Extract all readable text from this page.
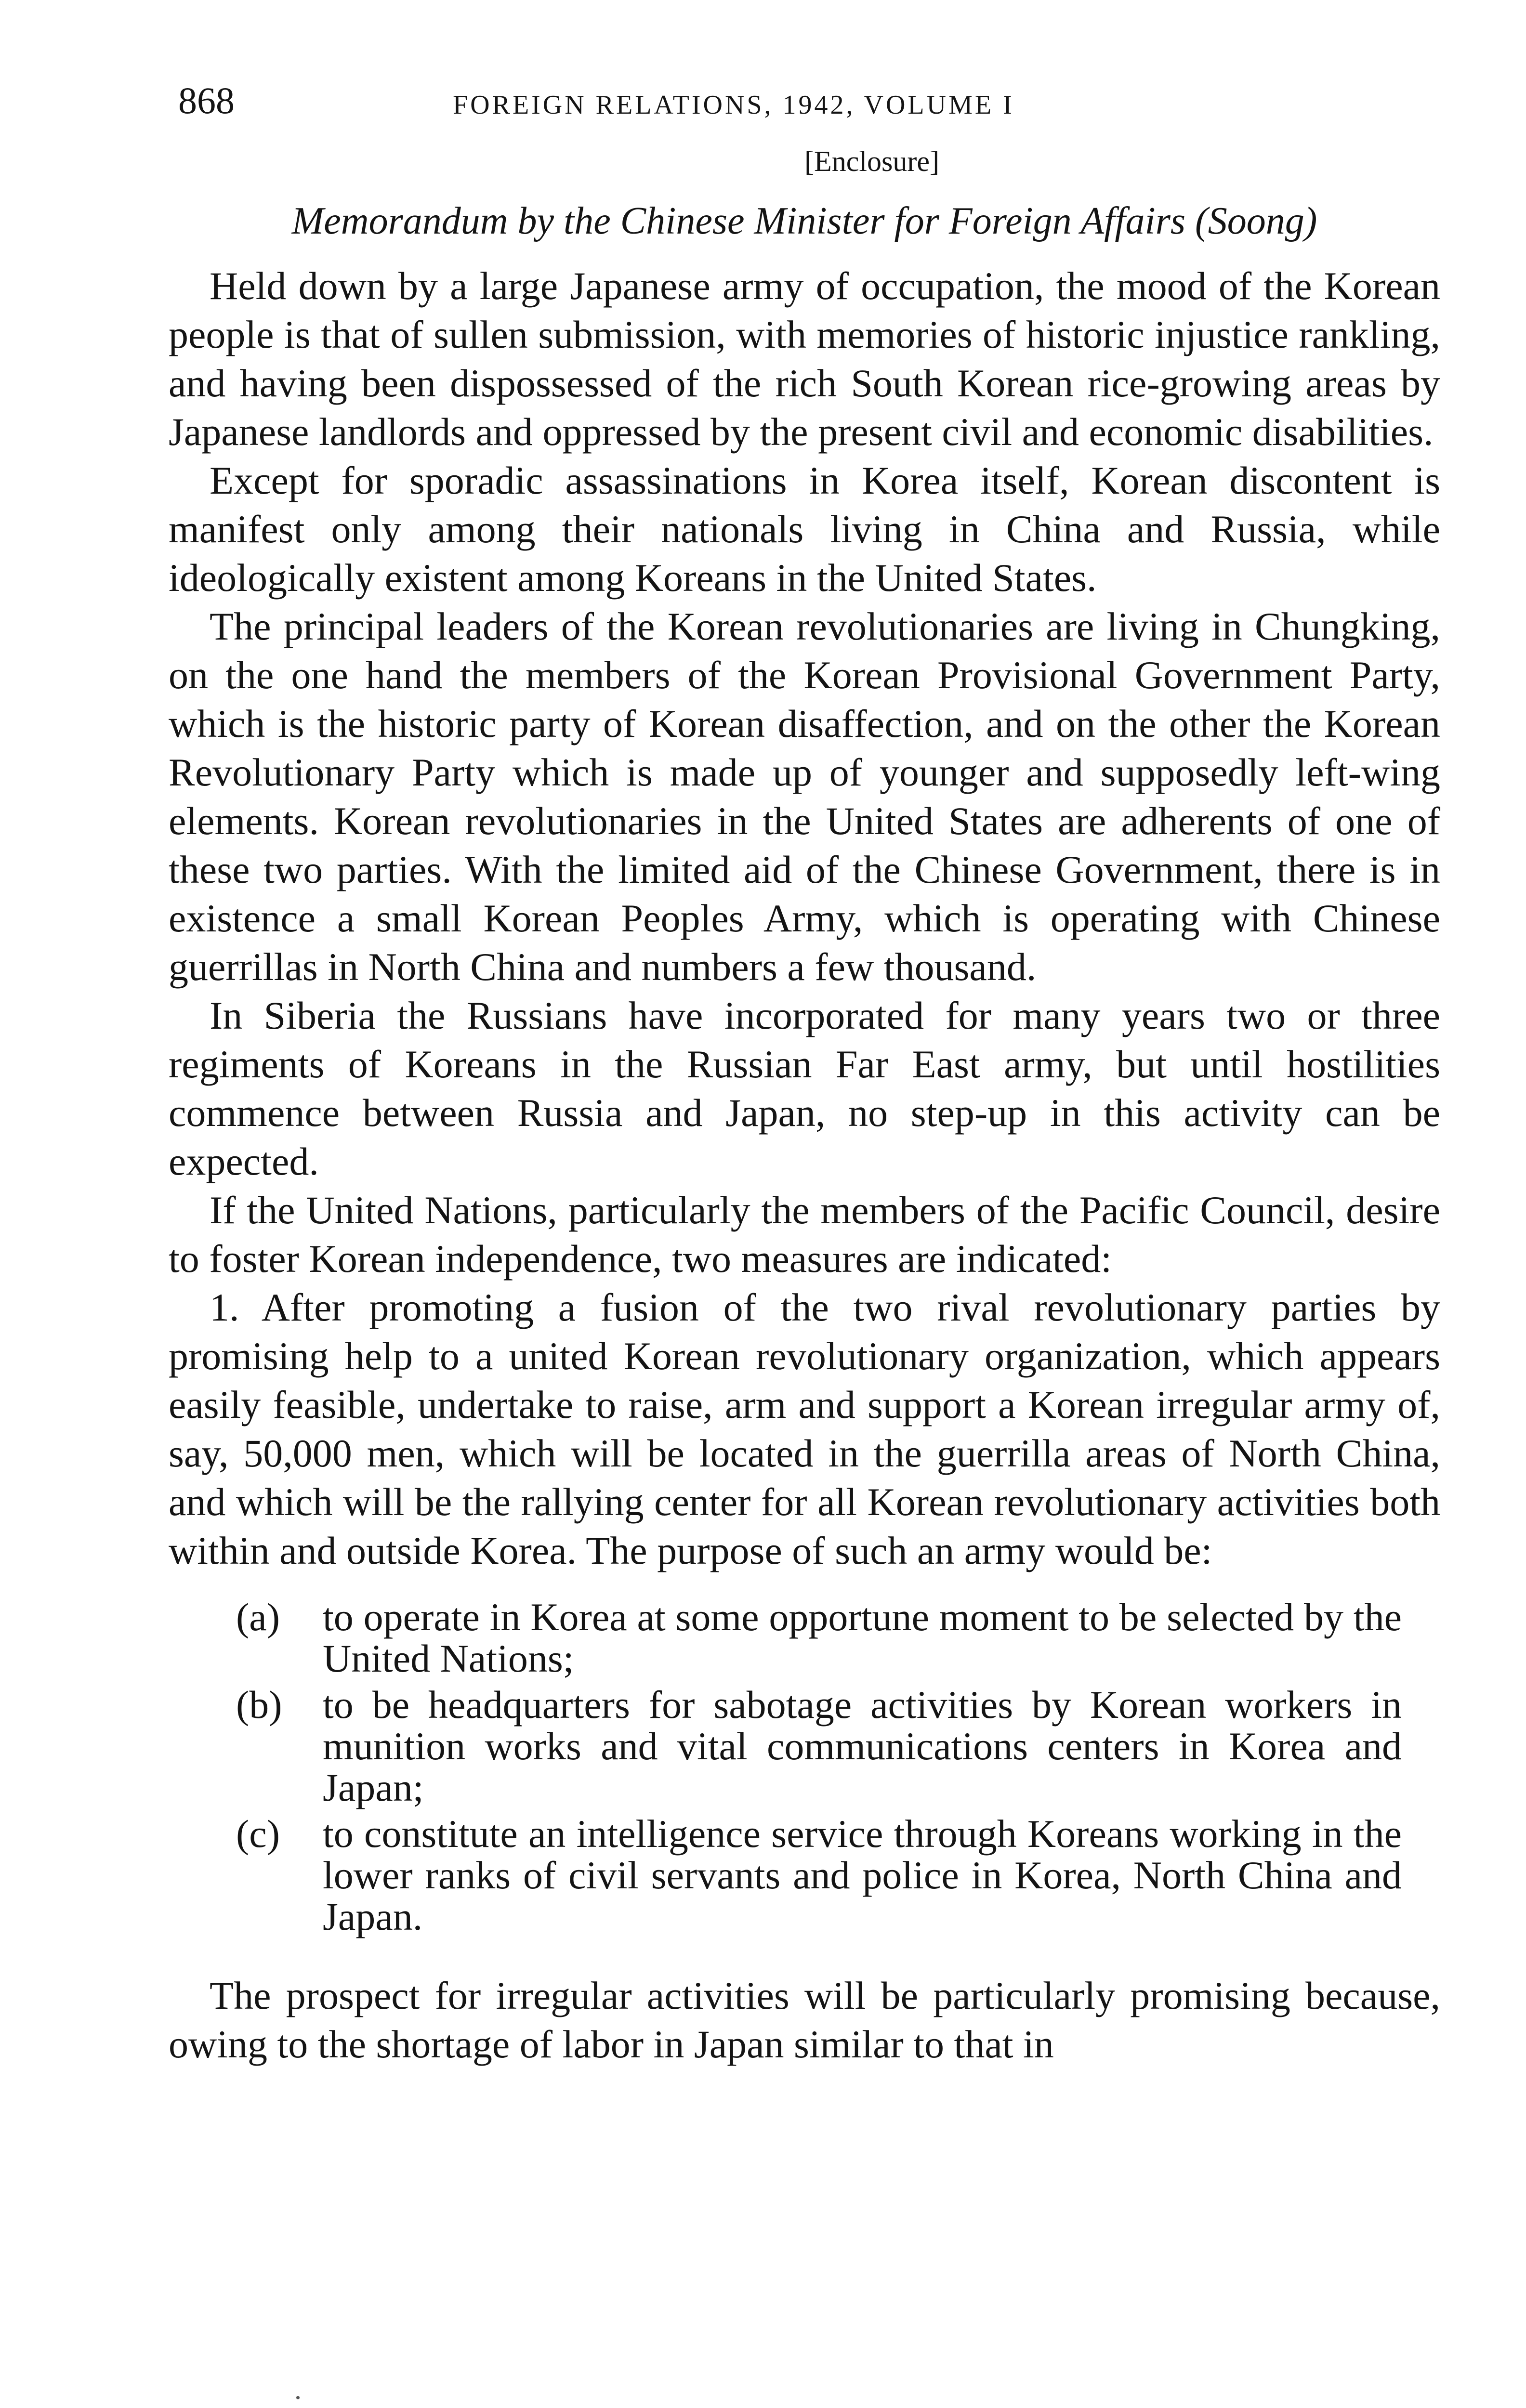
868	FOREIGN RELATIONS, 1942, VOLUME I
[Enclosure]
Memorandum by the Chinese Minister for Foreign Affairs (Soong)

Held down by a large Japanese army of occupation, the mood of the Korean people is that of sullen submission, with memories of historic injustice rankling, and having been dispossessed of the rich South Korean rice-growing areas by Japanese landlords and oppressed by the present civil and economic disabilities.

Except for sporadic assassinations in Korea itself, Korean discontent is manifest only among their nationals living in China and Russia, while ideologically existent among Koreans in the United States.

The principal leaders of the Korean revolutionaries are living in Chungking, on the one hand the members of the Korean Provisional Government Party, which is the historic party of Korean disaffection, and on the other the Korean Revolutionary Party which is made up of younger and supposedly left-wing elements. Korean revolutionaries in the United States are adherents of one of these two parties. With the limited aid of the Chinese Government, there is in existence a small Korean Peoples Army, which is operating with Chinese guerrillas in North China and numbers a few thousand.

In Siberia the Russians have incorporated for many years two or three regiments of Koreans in the Russian Far East army, but until hostilities commence between Russia and Japan, no step-up in this activity can be expected.

If the United Nations, particularly the members of the Pacific Council, desire to foster Korean independence, two measures are indicated:

1. After promoting a fusion of the two rival revolutionary parties by promising help to a united Korean revolutionary organization, which appears easily feasible, undertake to raise, arm and support a Korean irregular army of, say, 50,000 men, which will be located in the guerrilla areas of North China, and which will be the rallying center for all Korean revolutionary activities both within and outside Korea. The purpose of such an army would be:

(a) to operate in Korea at some opportune moment to be selected by the United Nations;
(b) to be headquarters for sabotage activities by Korean workers in munition works and vital communications centers in Korea and Japan;
(c) to constitute an intelligence service through Koreans working in the lower ranks of civil servants and police in Korea, North China and Japan.

The prospect for irregular activities will be particularly promising because, owing to the shortage of labor in Japan similar to that in
